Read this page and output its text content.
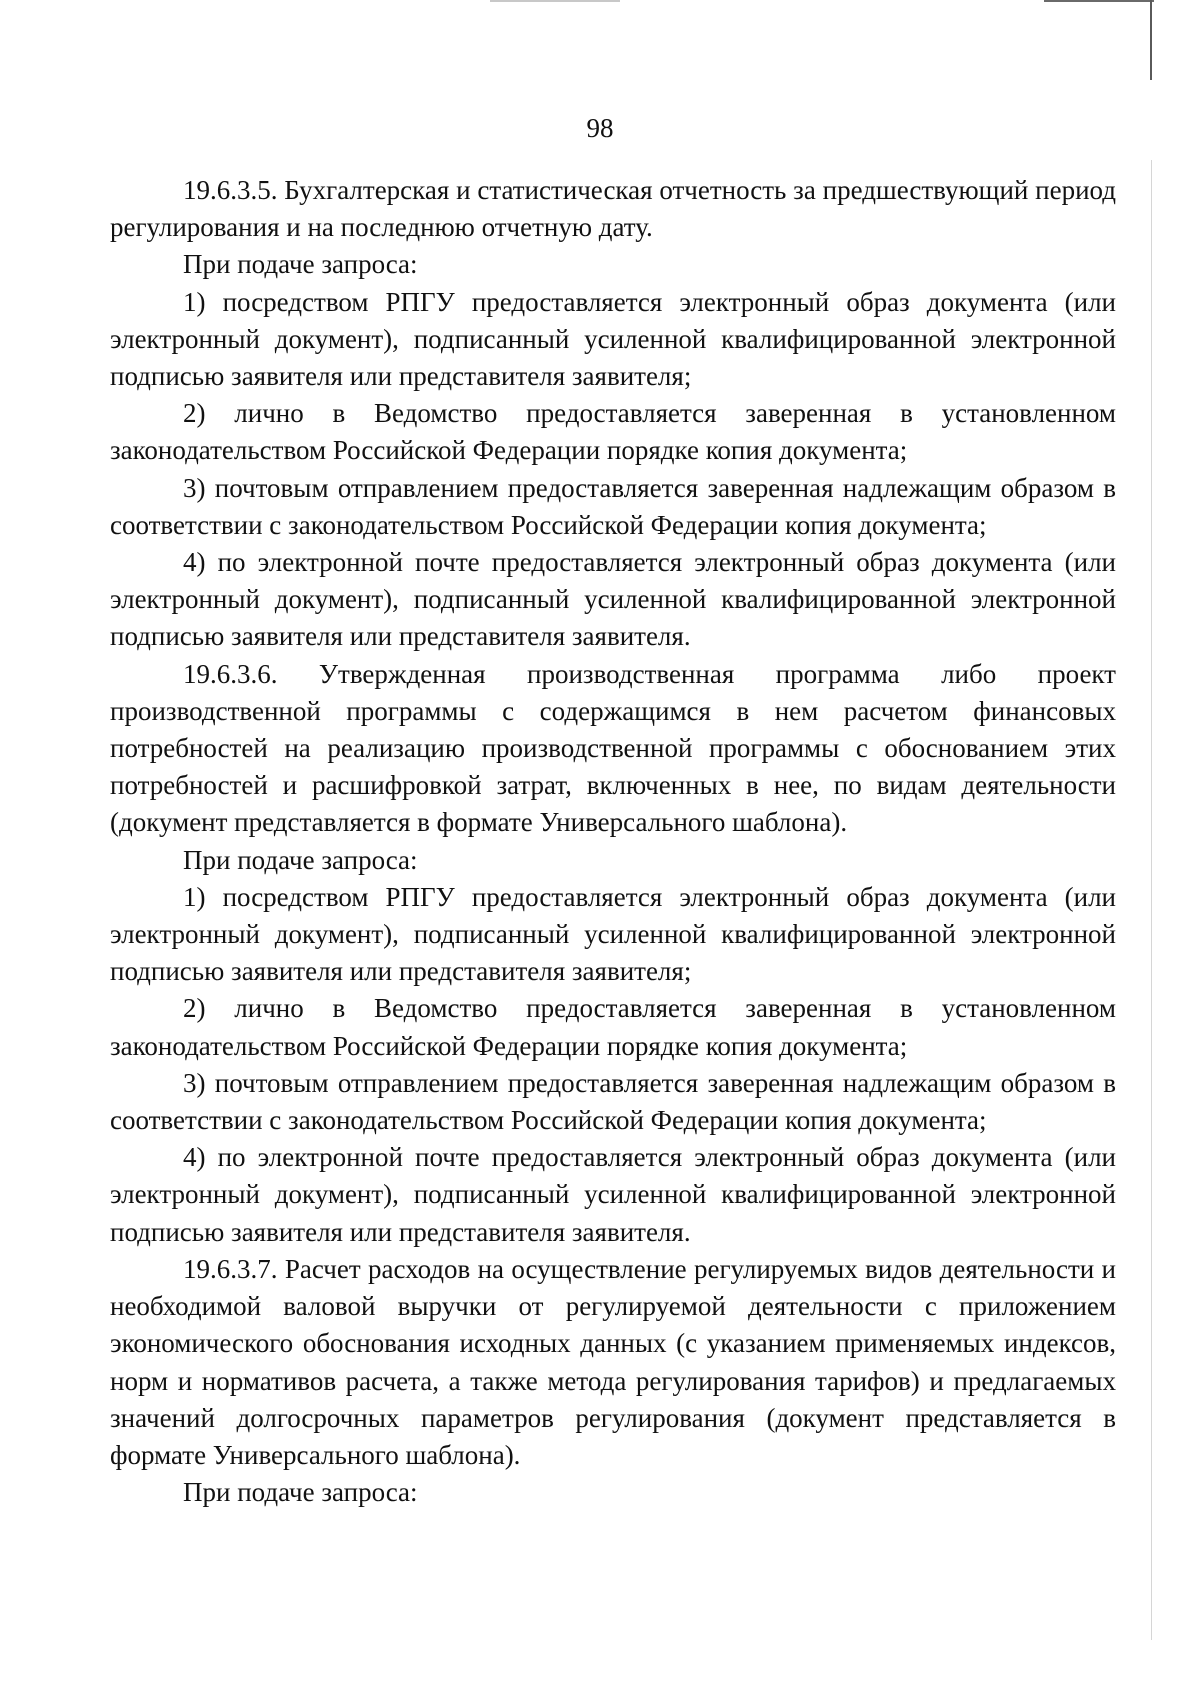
98

19.6.3.5. Бухгалтерская и статистическая отчетность за предшествующий период регулирования и на последнюю отчетную дату.

При подаче запроса:

1) посредством РПГУ предоставляется электронный образ документа (или электронный документ), подписанный усиленной квалифицированной электронной подписью заявителя или представителя заявителя;

2) лично в Ведомство предоставляется заверенная в установленном законодательством Российской Федерации порядке копия документа;

3) почтовым отправлением предоставляется заверенная надлежащим образом в соответствии с законодательством Российской Федерации копия документа;

4) по электронной почте предоставляется электронный образ документа (или электронный документ), подписанный усиленной квалифицированной электронной подписью заявителя или представителя заявителя.

19.6.3.6. Утвержденная производственная программа либо проект производственной программы с содержащимся в нем расчетом финансовых потребностей на реализацию производственной программы с обоснованием этих потребностей и расшифровкой затрат, включенных в нее, по видам деятельности (документ представляется в формате Универсального шаблона).

При подаче запроса:

1) посредством РПГУ предоставляется электронный образ документа (или электронный документ), подписанный усиленной квалифицированной электронной подписью заявителя или представителя заявителя;

2) лично в Ведомство предоставляется заверенная в установленном законодательством Российской Федерации порядке копия документа;

3) почтовым отправлением предоставляется заверенная надлежащим образом в соответствии с законодательством Российской Федерации копия документа;

4) по электронной почте предоставляется электронный образ документа (или электронный документ), подписанный усиленной квалифицированной электронной подписью заявителя или представителя заявителя.

19.6.3.7. Расчет расходов на осуществление регулируемых видов деятельности и необходимой валовой выручки от регулируемой деятельности с приложением экономического обоснования исходных данных (с указанием применяемых индексов, норм и нормативов расчета, а также метода регулирования тарифов) и предлагаемых значений долгосрочных параметров регулирования (документ представляется в формате Универсального шаблона).

При подаче запроса:
